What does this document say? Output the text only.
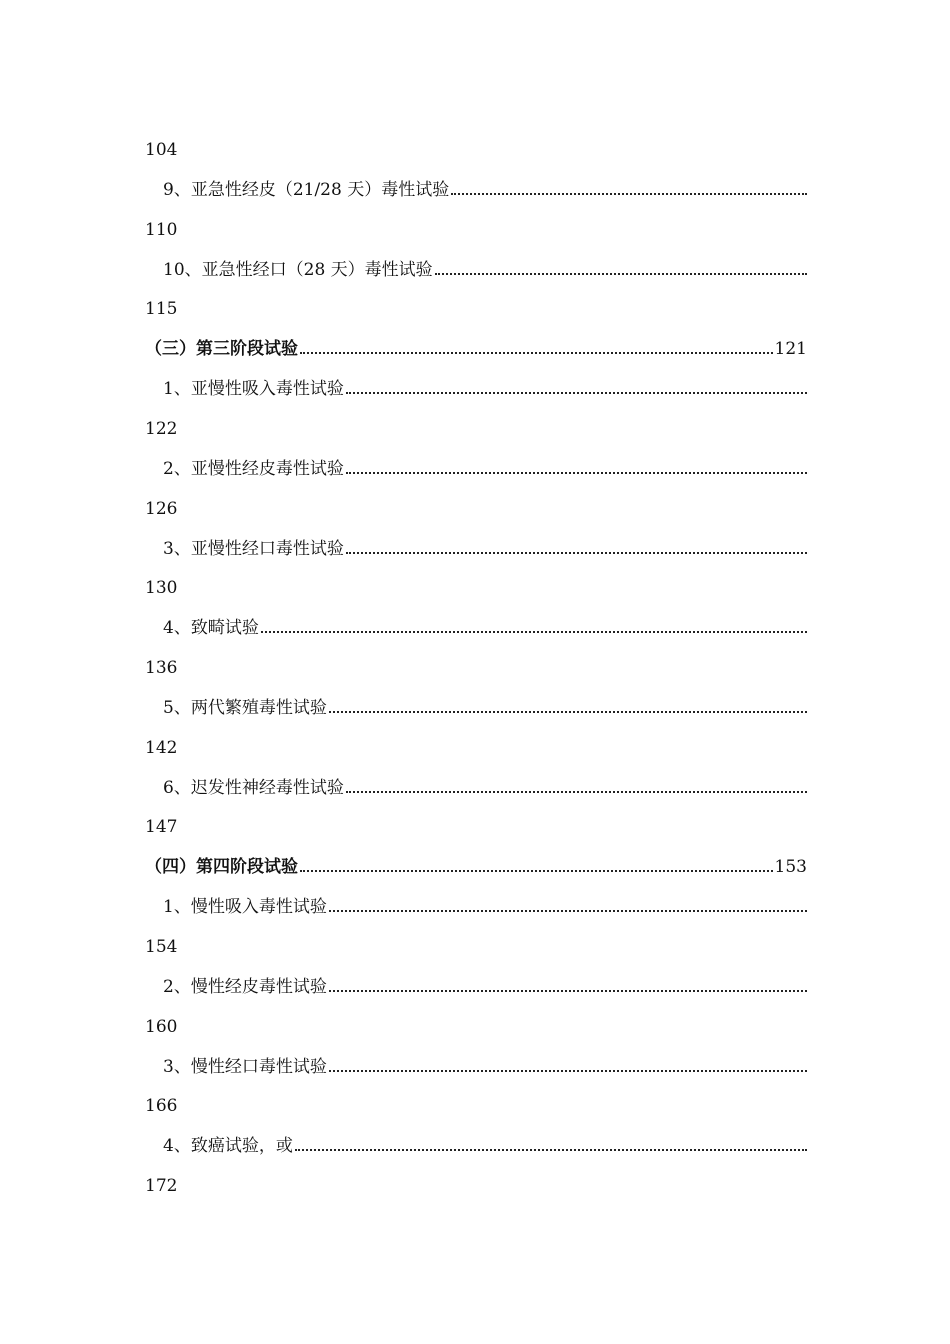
104
9、亚急性经皮（21/28 天）毒性试验
110
10、亚急性经口（28 天）毒性试验
115
（三）第三阶段试验	121
1、亚慢性吸入毒性试验
122
2、亚慢性经皮毒性试验
126
3、亚慢性经口毒性试验
130
4、致畸试验
136
5、两代繁殖毒性试验
142
6、迟发性神经毒性试验
147
（四）第四阶段试验	153
1、慢性吸入毒性试验
154
2、慢性经皮毒性试验
160
3、慢性经口毒性试验
166
4、致癌试验，或
172
